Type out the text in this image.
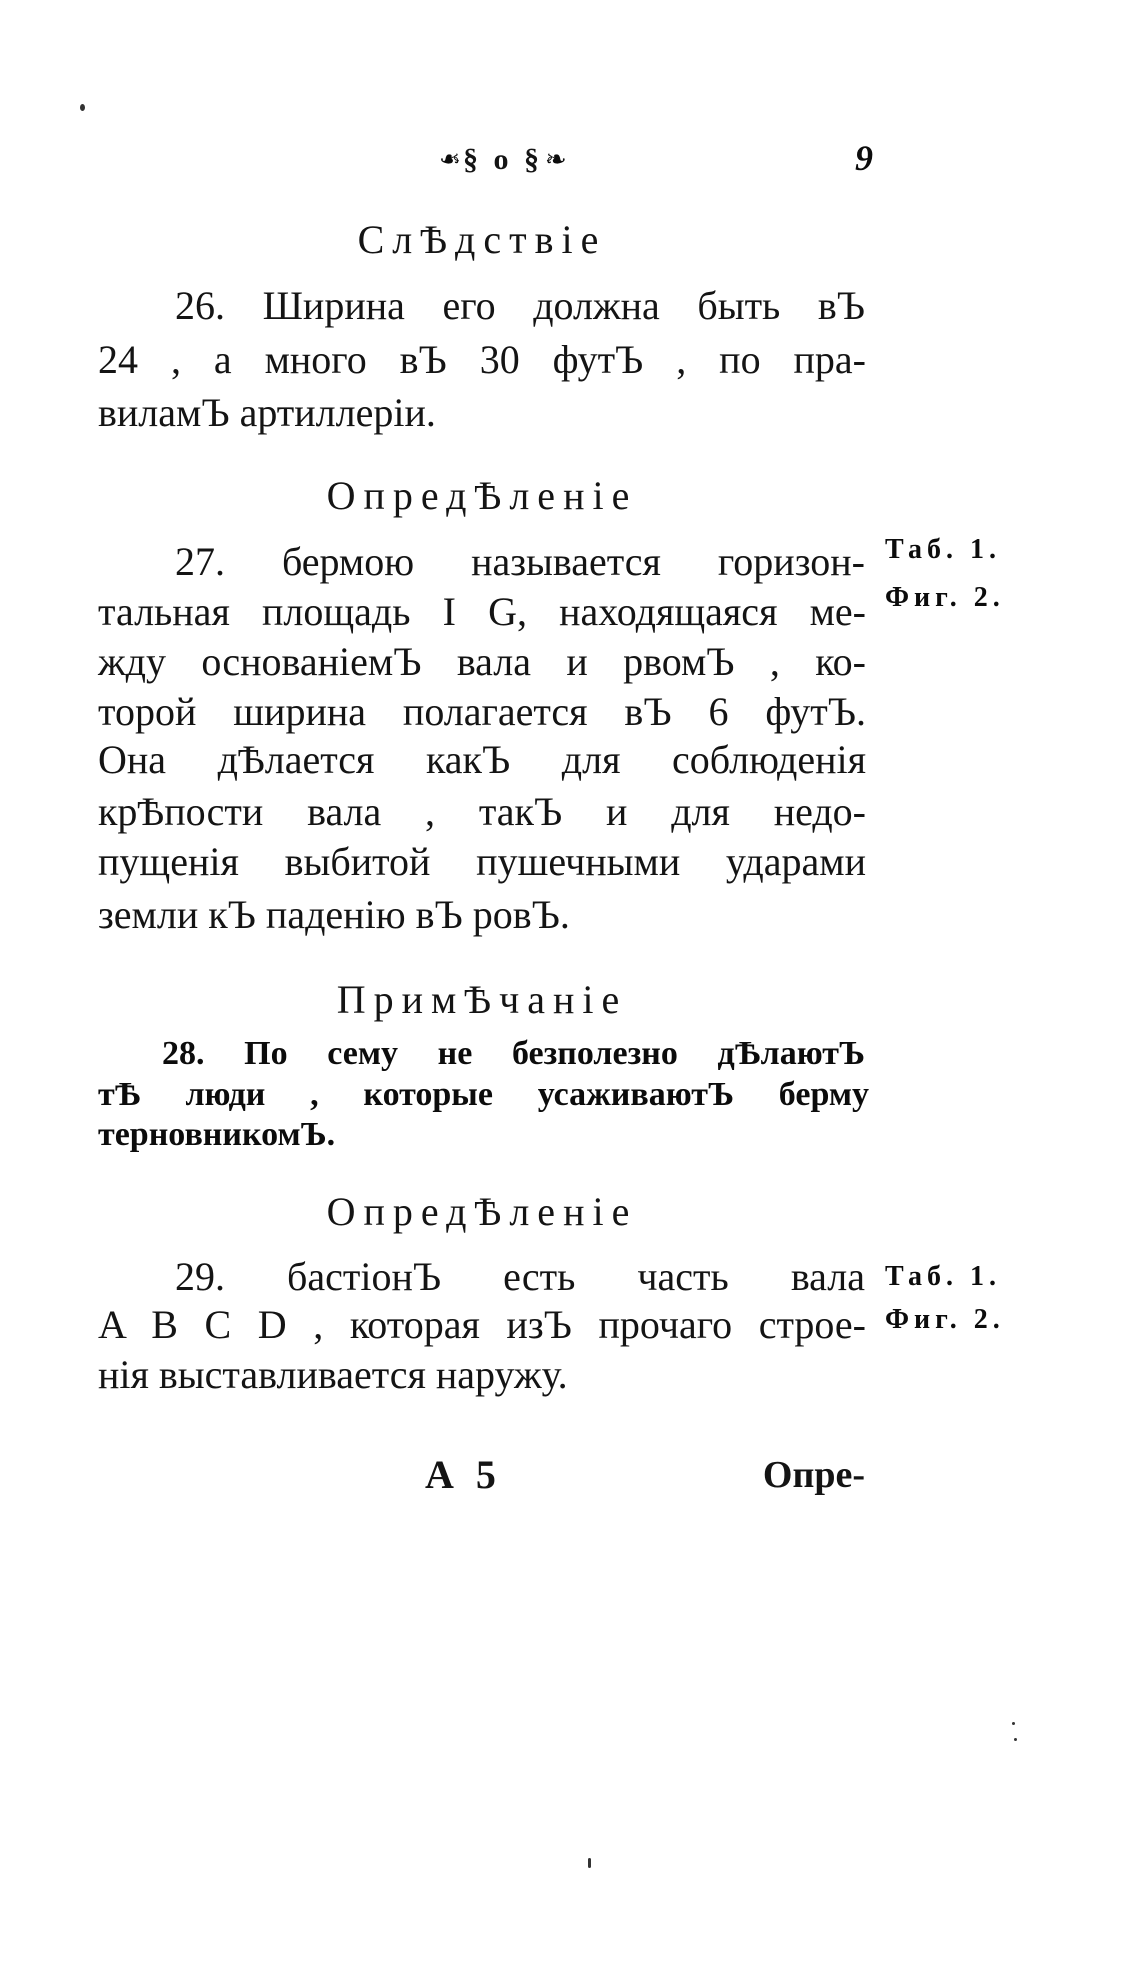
❧ § o § ❧	9
СлѢдствіе
26. Ширина его должна быть вЪ
24 , а много вЪ 30 футЪ , по пра-
виламЪ артиллеріи.
ОпредѢленіе
27. бермою называется горизон-
тальная площадь I G, находящаяся ме-
жду основаніемЪ вала и рвомЪ , ко-
торой ширина полагается вЪ 6 футЪ.
Она дѢлается какЪ для соблюденія
крѢпости вала , такЪ и для недо-
пущенія выбитой пушечными ударами
земли кЪ паденію вЪ ровЪ.
Таб. 1.
Фиг. 2.
ПримѢчаніе
28. По сему не безполезно дѢлаютЪ
тѢ люди , которые усаживаютЪ берму
терновникомЪ.
ОпредѢленіе
29. бастіонЪ есть часть вала
A B C D , которая изЪ прочаго строе-
нія выставливается наружу.
Таб. 1.
Фиг. 2.
А 5	Опре-
